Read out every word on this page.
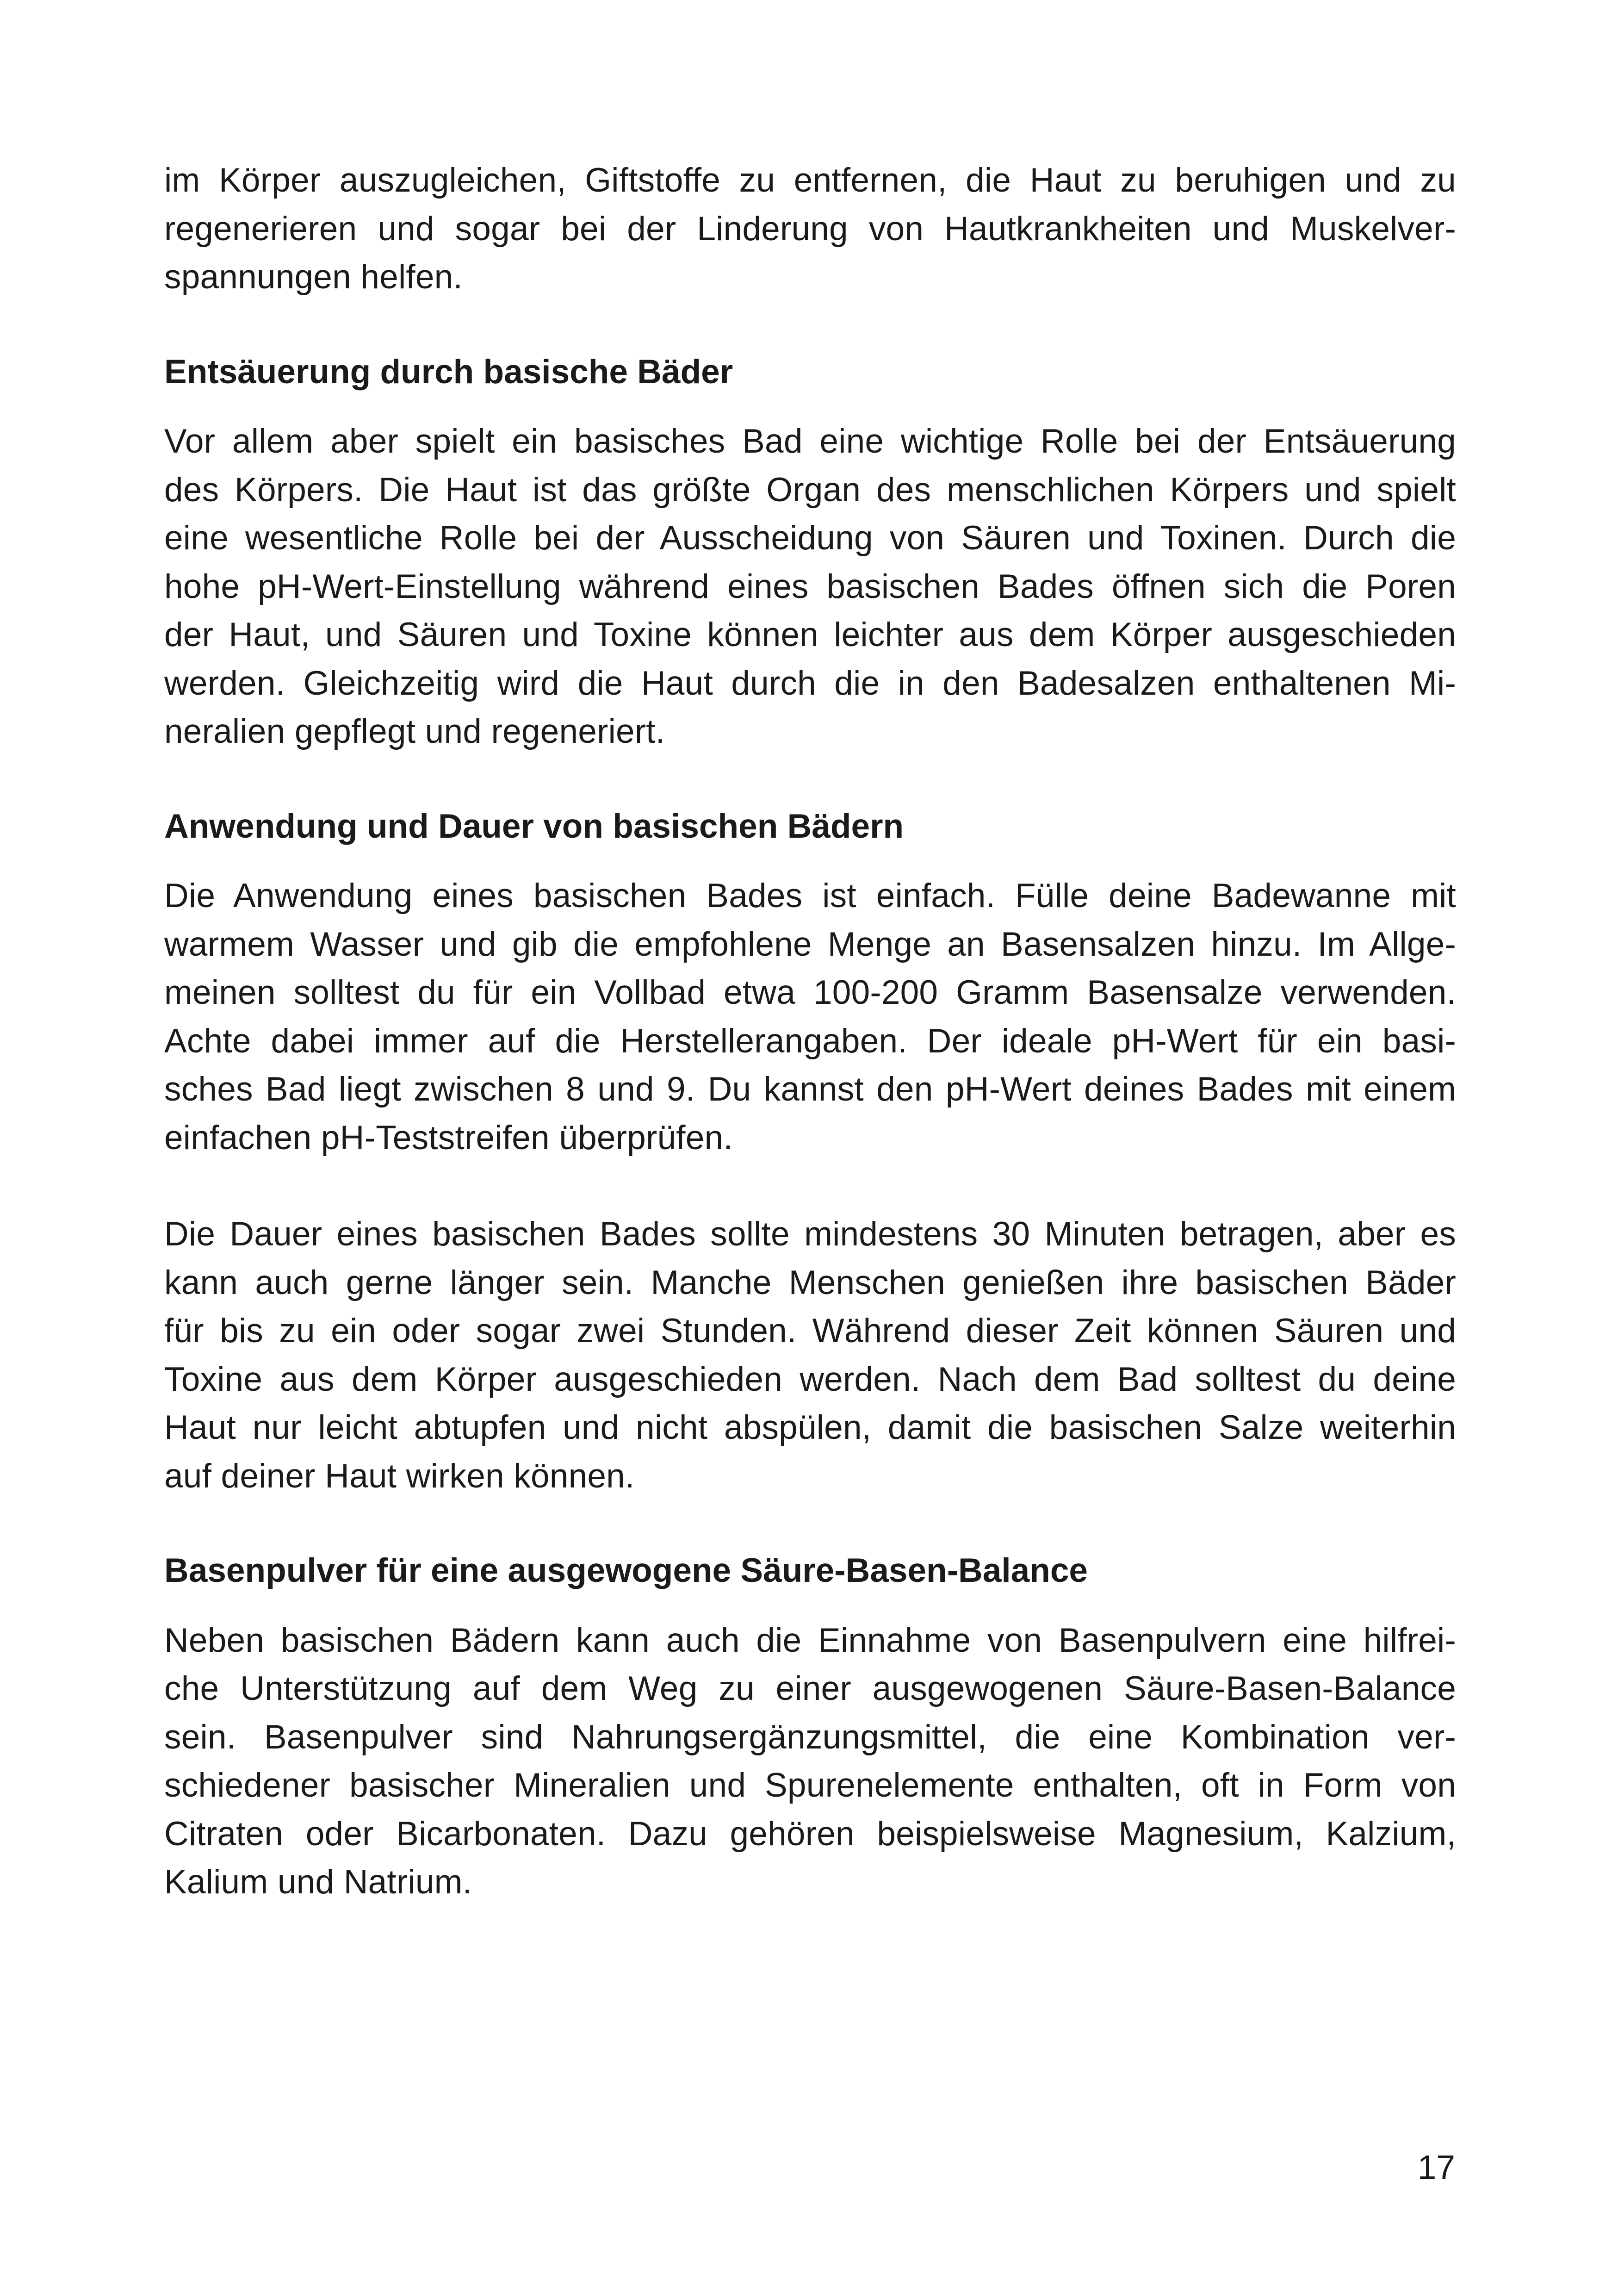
im Körper auszugleichen, Giftstoffe zu entfernen, die Haut zu beruhigen und zu
regenerieren und sogar bei der Linderung von Hautkrankheiten und Muskelver-
spannungen helfen.
Entsäuerung durch basische Bäder
Vor allem aber spielt ein basisches Bad eine wichtige Rolle bei der Entsäuerung
des Körpers. Die Haut ist das größte Organ des menschlichen Körpers und spielt
eine wesentliche Rolle bei der Ausscheidung von Säuren und Toxinen. Durch die
hohe pH-Wert-Einstellung während eines basischen Bades öffnen sich die Poren
der Haut, und Säuren und Toxine können leichter aus dem Körper ausgeschieden
werden. Gleichzeitig wird die Haut durch die in den Badesalzen enthaltenen Mi-
neralien gepflegt und regeneriert.
Anwendung und Dauer von basischen Bädern
Die Anwendung eines basischen Bades ist einfach. Fülle deine Badewanne mit
warmem Wasser und gib die empfohlene Menge an Basensalzen hinzu. Im Allge-
meinen solltest du für ein Vollbad etwa 100-200 Gramm Basensalze verwenden.
Achte dabei immer auf die Herstellerangaben. Der ideale pH-Wert für ein basi-
sches Bad liegt zwischen 8 und 9. Du kannst den pH-Wert deines Bades mit einem
einfachen pH-Teststreifen überprüfen.
Die Dauer eines basischen Bades sollte mindestens 30 Minuten betragen, aber es
kann auch gerne länger sein. Manche Menschen genießen ihre basischen Bäder
für bis zu ein oder sogar zwei Stunden. Während dieser Zeit können Säuren und
Toxine aus dem Körper ausgeschieden werden. Nach dem Bad solltest du deine
Haut nur leicht abtupfen und nicht abspülen, damit die basischen Salze weiterhin
auf deiner Haut wirken können.
Basenpulver für eine ausgewogene Säure-Basen-Balance
Neben basischen Bädern kann auch die Einnahme von Basenpulvern eine hilfrei-
che Unterstützung auf dem Weg zu einer ausgewogenen Säure-Basen-Balance
sein. Basenpulver sind Nahrungsergänzungsmittel, die eine Kombination ver-
schiedener basischer Mineralien und Spurenelemente enthalten, oft in Form von
Citraten oder Bicarbonaten. Dazu gehören beispielsweise Magnesium, Kalzium,
Kalium und Natrium.
17
